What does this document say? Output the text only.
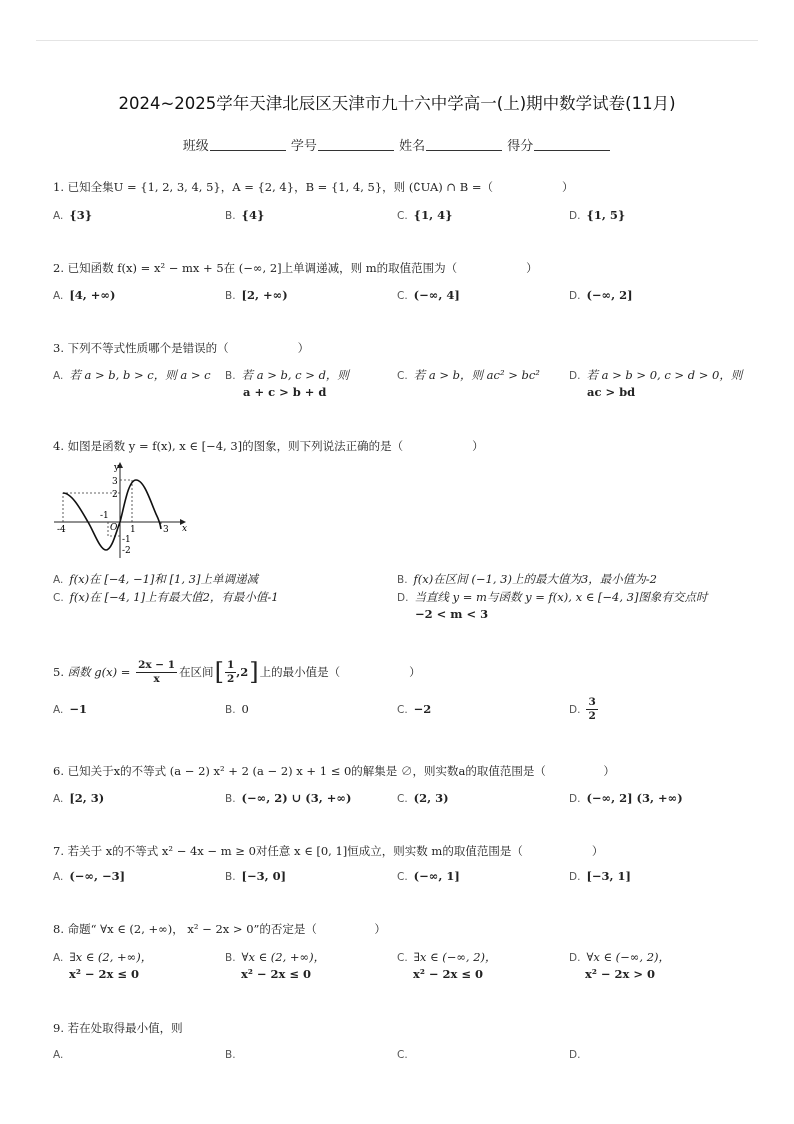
2024~2025学年天津北辰区天津市九十六中学高一(上)期中数学试卷(11月)
班级	学号	姓名	得分
1. 已知全集U = {1, 2, 3, 4, 5}，A = {2, 4}，B = {1, 4, 5}，则 (∁UA) ∩ B =（　　　　　　）
A. {3}	B. {4}	C. {1, 4}	D. {1, 5}
2. 已知函数 f(x) = x² − mx + 5在 (−∞, 2]上单调递减，则 m的取值范围为（　　　　　　）
A. [4, +∞)	B. [2, +∞)	C. (−∞, 4]	D. (−∞, 2]
3. 下列不等式性质哪个是错误的（　　　　　　）
A. 若 a > b, b > c，则 a > c B. 若 a > b, c > d，则
a + c > b + d
C. 若 a > b，则 ac² > bc²	D. 若 a > b > 0, c > d > 0，则
ac > bd
4. 如图是函数 y = f(x), x ∈ [−4, 3]的图象，则下列说法正确的是（　　　　　　）
y
x
O
-4
-1
1	3
3
2
-1
-2
A. f(x)在 [−4, −1]和 [1, 3]上单调递减	B. f(x)在区间 (−1, 3)上的最大值为3，最小值为-2
C. f(x)在 [−4, 1]上有最大值2，有最小值-1	D. 当直线 y = m与函数 y = f(x), x ∈ [−4, 3]图象有交点时
−2 < m < 3
5.
函数 g(x) =
$\frac{2x - 1}{x}$ 在区间 [ $\frac{1}{2}$ , 2 ] 上的最小值是（　　　　　　）
A. −1	B. 0	C. −2	D. $\frac{3}{2}$
6. 已知关于x的不等式 (a − 2) x² + 2 (a − 2) x + 1 ≤ 0的解集是 ∅，则实数a的取值范围是（　　　　　）
A. [2, 3)	B. (−∞, 2) ∪ (3, +∞)	C. (2, 3)	D. (−∞, 2] (3, +∞)
7. 若关于 x的不等式 x² − 4x − m ≥ 0对任意 x ∈ [0, 1]恒成立，则实数 m的取值范围是（　　　　　　）
A. (−∞, −3]	B. [−3, 0]	C. (−∞, 1]	D. [−3, 1]
8. 命题“ ∀x ∈ (2, +∞)， x² − 2x > 0”的否定是（　　　　　）
A. ∃x ∈ (2, +∞)，
x² − 2x ≤ 0
B. ∀x ∈ (2, +∞)，
x² − 2x ≤ 0
C. ∃x ∈ (−∞, 2)，
x² − 2x ≤ 0
D. ∀x ∈ (−∞, 2)，
x² − 2x > 0
9. 若在处取得最小值，则
A.	B.	C.	D.
